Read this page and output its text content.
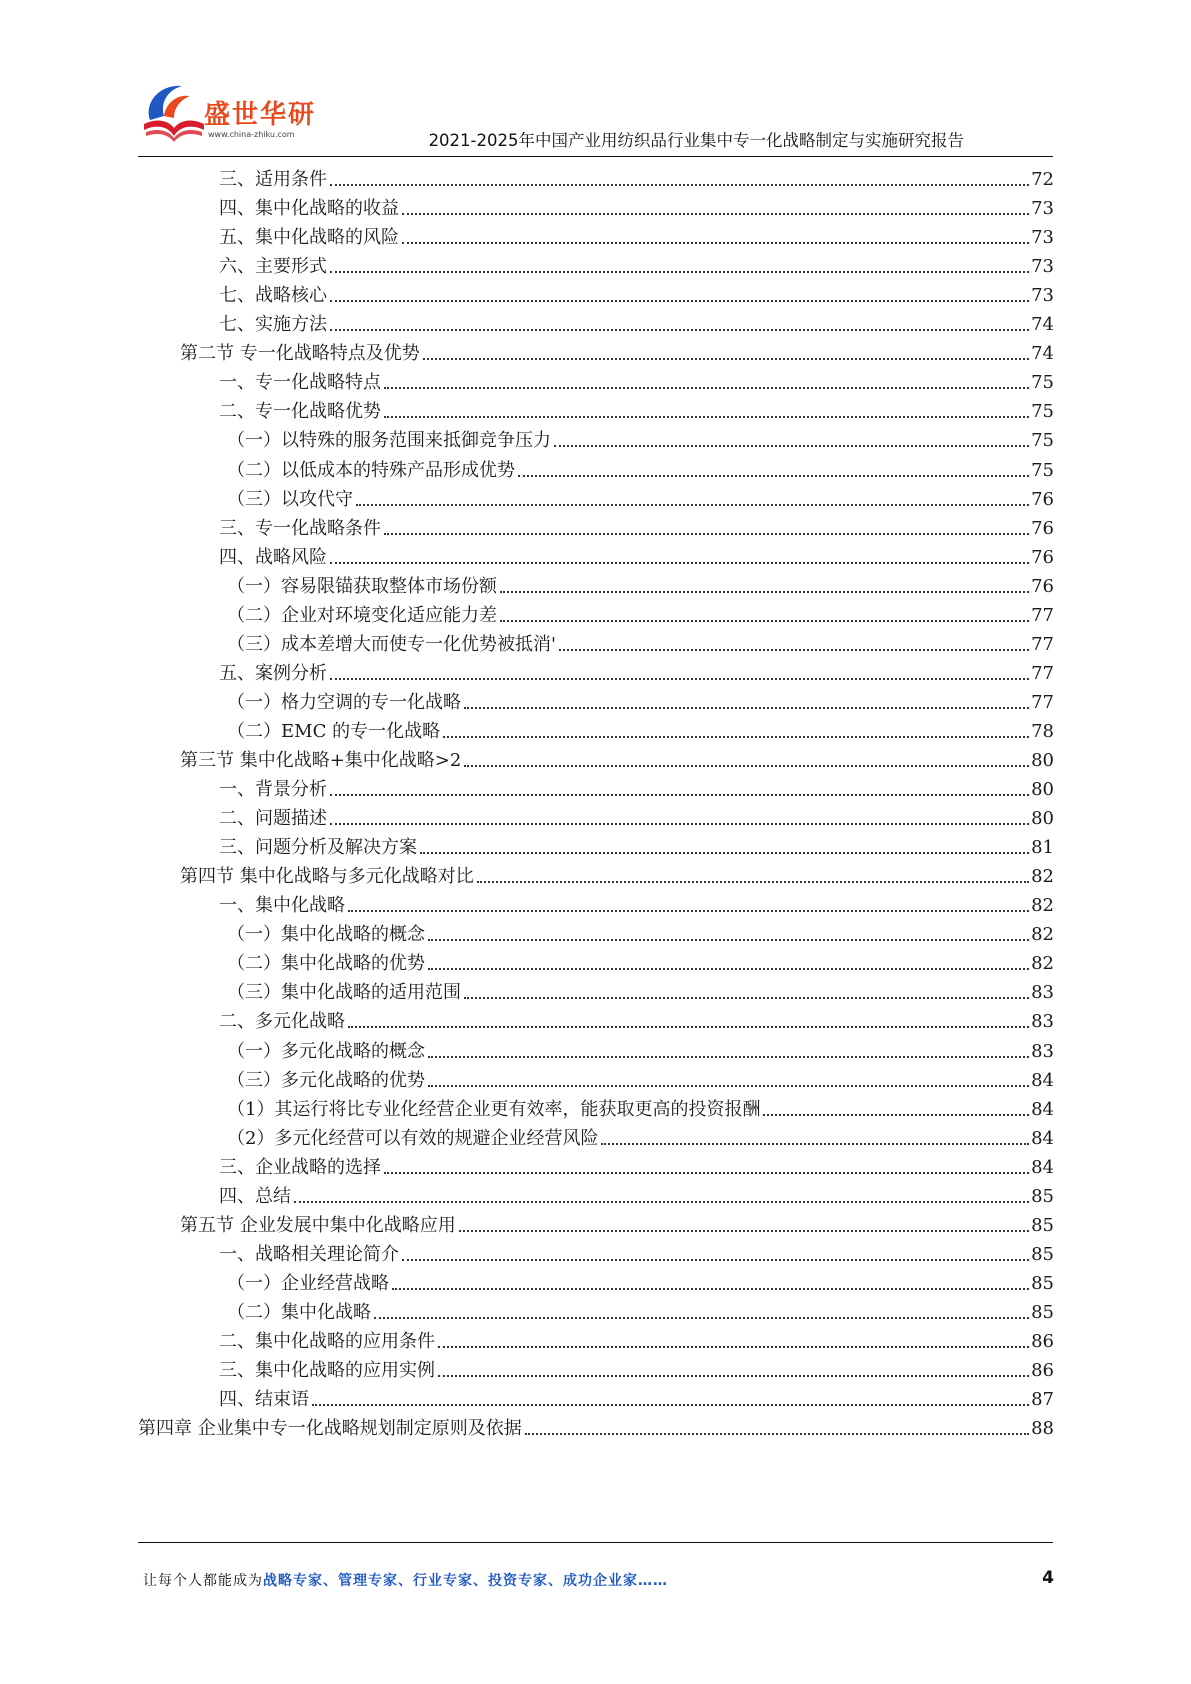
盛世华研
www.china-zhiku.com	2021-2025年中国产业用纺织品行业集中专一化战略制定与实施研究报告
三、适用条件	72
四、集中化战略的收益	73
五、集中化战略的风险	73
六、主要形式	73
七、战略核心	73
七、实施方法	74
第二节 专一化战略特点及优势	74
一、专一化战略特点	75
二、专一化战略优势	75
（一）以特殊的服务范围来抵御竞争压力	75
（二）以低成本的特殊产品形成优势	75
（三）以攻代守	76
三、专一化战略条件	76
四、战略风险	76
（一）容易限锚获取整体市场份额	76
（二）企业对环境变化适应能力差	77
（三）成本差增大而使专一化优势被抵消'	77
五、案例分析	77
（一）格力空调的专一化战略	77
（二）EMC 的专一化战略	78
第三节 集中化战略+集中化战略>2	80
一、背景分析	80
二、问题描述	80
三、问题分析及解决方案	81
第四节 集中化战略与多元化战略对比	82
一、集中化战略	82
（一）集中化战略的概念	82
（二）集中化战略的优势	82
（三）集中化战略的适用范围	83
二、多元化战略	83
（一）多元化战略的概念	83
（三）多元化战略的优势	84
（1）其运行将比专业化经营企业更有效率，能获取更高的投资报酬	84
（2）多元化经营可以有效的规避企业经营风险	84
三、企业战略的选择	84
四、总结	85
第五节 企业发展中集中化战略应用	85
一、战略相关理论简介	85
（一）企业经营战略	85
（二）集中化战略	85
二、集中化战略的应用条件	86
三、集中化战略的应用实例	86
四、结束语	87
第四章 企业集中专一化战略规划制定原则及依据	88
让每个人都能成为战略专家、管理专家、行业专家、投资专家、成功企业家……	4
